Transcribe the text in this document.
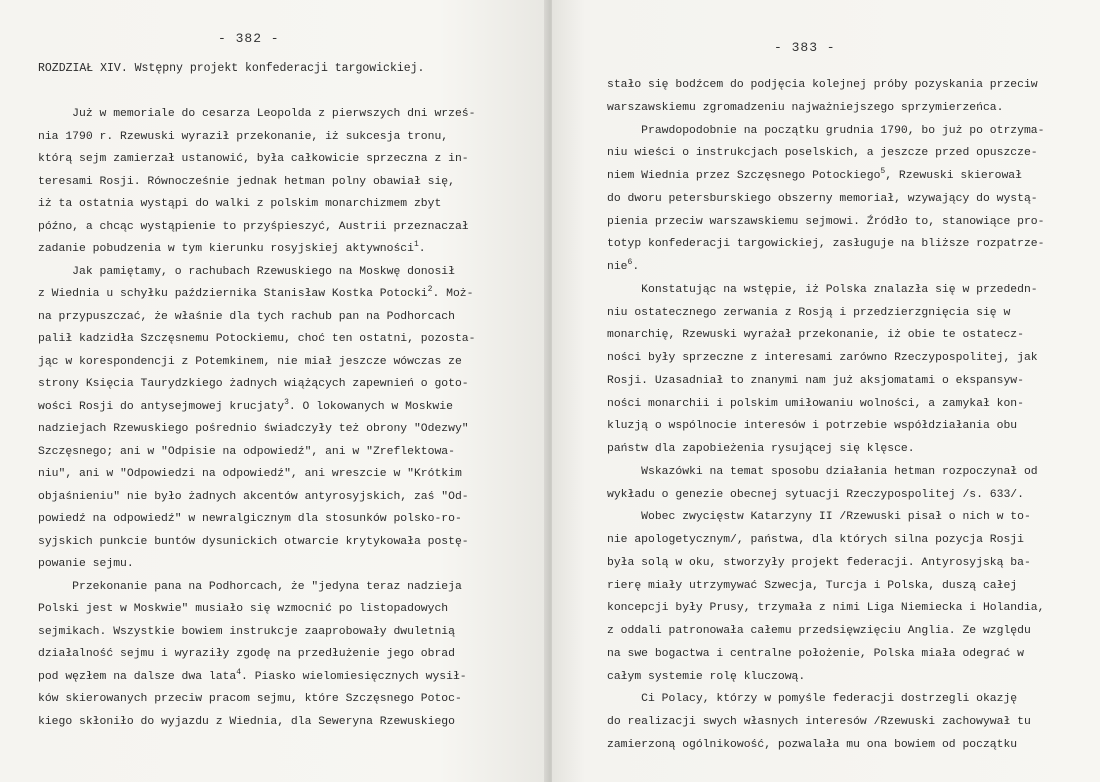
- 382 -
ROZDZIAŁ XIV. Wstępny projekt konfederacji targowickiej.
Już w memoriale do cesarza Leopolda z pierwszych dni wrześ-
nia 1790 r. Rzewuski wyraził przekonanie, iż sukcesja tronu,
którą sejm zamierzał ustanowić, była całkowicie sprzeczna z in-
teresami Rosji. Równocześnie jednak hetman polny obawiał się,
iż ta ostatnia wystąpi do walki z polskim monarchizmem zbyt
późno, a chcąc wystąpienie to przyśpieszyć, Austrii przeznaczał
zadanie pobudzenia w tym kierunku rosyjskiej aktywności$^1$.
Jak pamiętamy, o rachubach Rzewuskiego na Moskwę donosił
z Wiednia u schyłku października Stanisław Kostka Potocki$^2$. Moż-
na przypuszczać, że właśnie dla tych rachub pan na Podhorcach
palił kadzidła Szczęsnemu Potockiemu, choć ten ostatni, pozosta-
jąc w korespondencji z Potemkinem, nie miał jeszcze wówczas ze
strony Księcia Taurydzkiego żadnych wiążących zapewnień o goto-
wości Rosji do antysejmowej krucjaty$^3$. O lokowanych w Moskwie
nadziejach Rzewuskiego pośrednio świadczyły też obrony "Odezwy"
Szczęsnego; ani w "Odpisie na odpowiedź", ani w "Zreflektowa-
niu", ani w "Odpowiedzi na odpowiedź", ani wreszcie w "Krótkim
objaśnieniu" nie było żadnych akcentów antyrosyjskich, zaś "Od-
powiedź na odpowiedź" w newralgicznym dla stosunków polsko-ro-
syjskich punkcie buntów dysunickich otwarcie krytykowała postę-
powanie sejmu.
Przekonanie pana na Podhorcach, że "jedyna teraz nadzieja
Polski jest w Moskwie" musiało się wzmocnić po listopadowych
sejmikach. Wszystkie bowiem instrukcje zaaprobowały dwuletnią
działalność sejmu i wyraziły zgodę na przedłużenie jego obrad
pod węzłem na dalsze dwa lata$^4$. Piasko wielomiesięcznych wysił-
ków skierowanych przeciw pracom sejmu, które Szczęsnego Potoc-
kiego skłoniło do wyjazdu z Wiednia, dla Seweryna Rzewuskiego
- 383 -
stało się bodźcem do podjęcia kolejnej próby pozyskania przeciw
warszawskiemu zgromadzeniu najważniejszego sprzymierzeńca.
Prawdopodobnie na początku grudnia 1790, bo już po otrzyma-
niu wieści o instrukcjach poselskich, a jeszcze przed opuszcze-
niem Wiednia przez Szczęsnego Potockiego$^5$, Rzewuski skierował
do dworu petersburskiego obszerny memoriał, wzywający do wystą-
pienia przeciw warszawskiemu sejmowi. Źródło to, stanowiące pro-
totyp konfederacji targowickiej, zasługuje na bliższe rozpatrze-
nie$^6$.
Konstatując na wstępie, iż Polska znalazła się w przededn-
niu ostatecznego zerwania z Rosją i przedzierzgnięcia się w
monarchię, Rzewuski wyrażał przekonanie, iż obie te ostatecz-
ności były sprzeczne z interesami zarówno Rzeczypospolitej, jak
Rosji. Uzasadniał to znanymi nam już aksjomatami o ekspansyw-
ności monarchii i polskim umiłowaniu wolności, a zamykał kon-
kluzją o wspólnocie interesów i potrzebie współdziałania obu
państw dla zapobieżenia rysującej się klęsce.
Wskazówki na temat sposobu działania hetman rozpoczynał od
wykładu o genezie obecnej sytuacji Rzeczypospolitej /s. 633/.
Wobec zwycięstw Katarzyny II /Rzewuski pisał o nich w to-
nie apologetycznym/, państwa, dla których silna pozycja Rosji
była solą w oku, stworzyły projekt federacji. Antyrosyjską ba-
rierę miały utrzymywać Szwecja, Turcja i Polska, duszą całej
koncepcji były Prusy, trzymała z nimi Liga Niemiecka i Holandia,
z oddali patronowała całemu przedsięwzięciu Anglia. Ze względu
na swe bogactwa i centralne położenie, Polska miała odegrać w
całym systemie rolę kluczową.
Ci Polacy, którzy w pomyśle federacji dostrzegli okazję
do realizacji swych własnych interesów /Rzewuski zachowywał tu
zamierzoną ogólnikowość, pozwalała mu ona bowiem od początku
